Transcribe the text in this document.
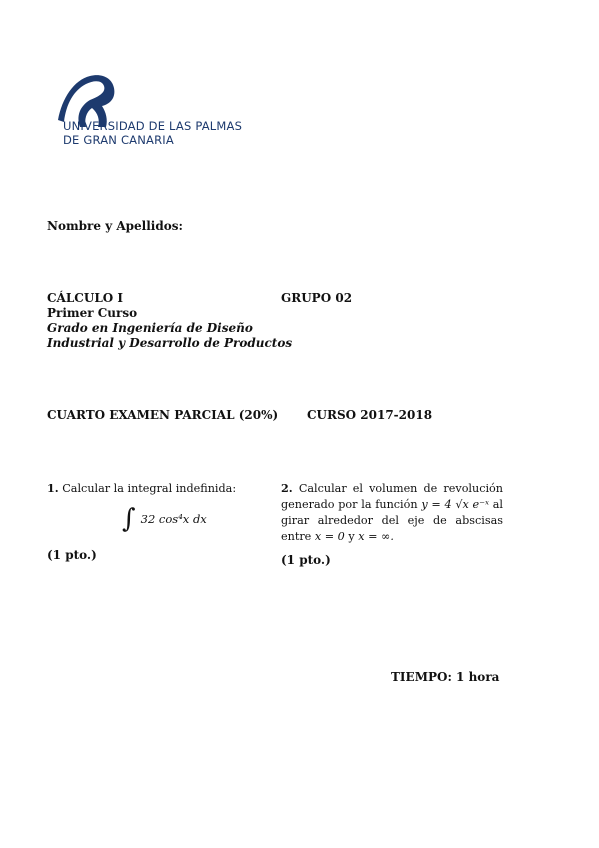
UNIVERSIDAD DE LAS PALMAS
DE GRAN CANARIA
Nombre y Apellidos:
CÁLCULO I
Primer Curso
Grado en Ingeniería de Diseño
Industrial y Desarrollo de Productos
GRUPO 02
CUARTO EXAMEN PARCIAL (20%) CURSO 2017-2018
1. Calcular la integral indefinida:
∫ 32 cos⁴x dx
(1 pto.)
2. Calcular el volumen de revolución generado por la función y = 4 √x e⁻ˣ al girar alrededor del eje de abscisas entre x = 0 y x = ∞.
(1 pto.)
TIEMPO: 1 hora
